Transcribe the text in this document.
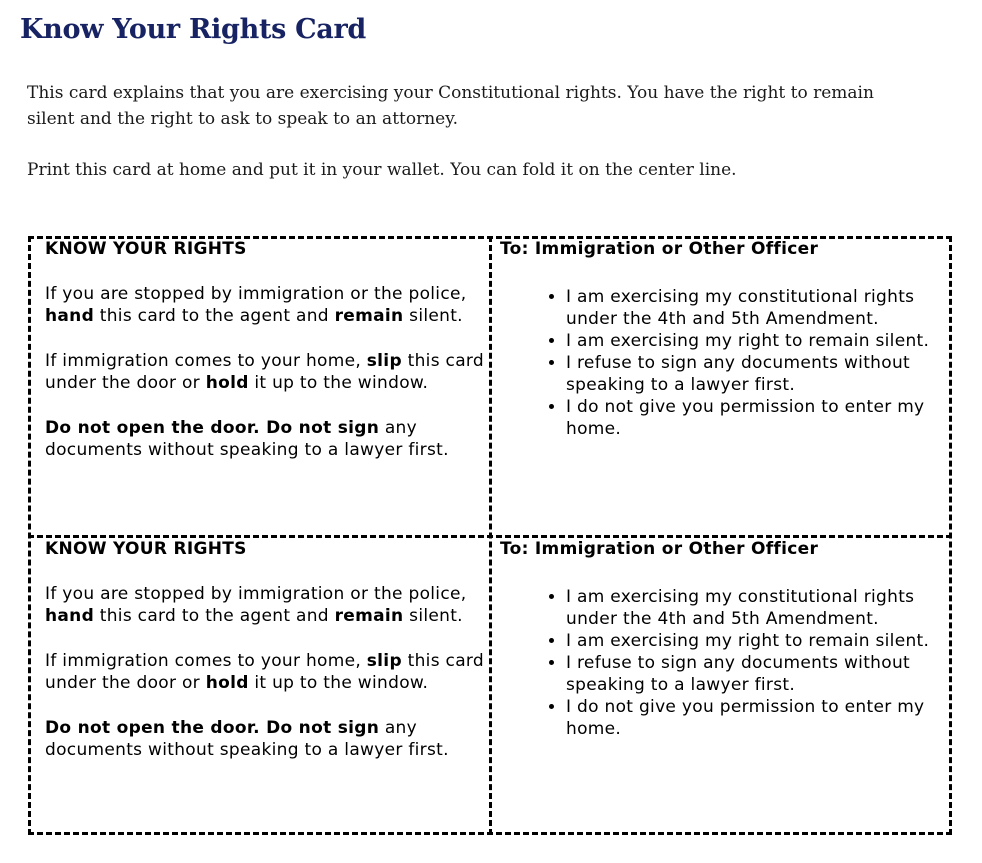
Know Your Rights Card

This card explains that you are exercising your Constitutional rights. You have the right to remain silent and the right to ask to speak to an attorney.

Print this card at home and put it in your wallet. You can fold it on the center line.

KNOW YOUR RIGHTS

If you are stopped by immigration or the police, hand this card to the agent and remain silent.

If immigration comes to your home, slip this card under the door or hold it up to the window.

Do not open the door. Do not sign any documents without speaking to a lawyer first.

To: Immigration or Other Officer

• I am exercising my constitutional rights under the 4th and 5th Amendment.
• I am exercising my right to remain silent.
• I refuse to sign any documents without speaking to a lawyer first.
• I do not give you permission to enter my home.

KNOW YOUR RIGHTS

If you are stopped by immigration or the police, hand this card to the agent and remain silent.

If immigration comes to your home, slip this card under the door or hold it up to the window.

Do not open the door. Do not sign any documents without speaking to a lawyer first.

To: Immigration or Other Officer

• I am exercising my constitutional rights under the 4th and 5th Amendment.
• I am exercising my right to remain silent.
• I refuse to sign any documents without speaking to a lawyer first.
• I do not give you permission to enter my home.
